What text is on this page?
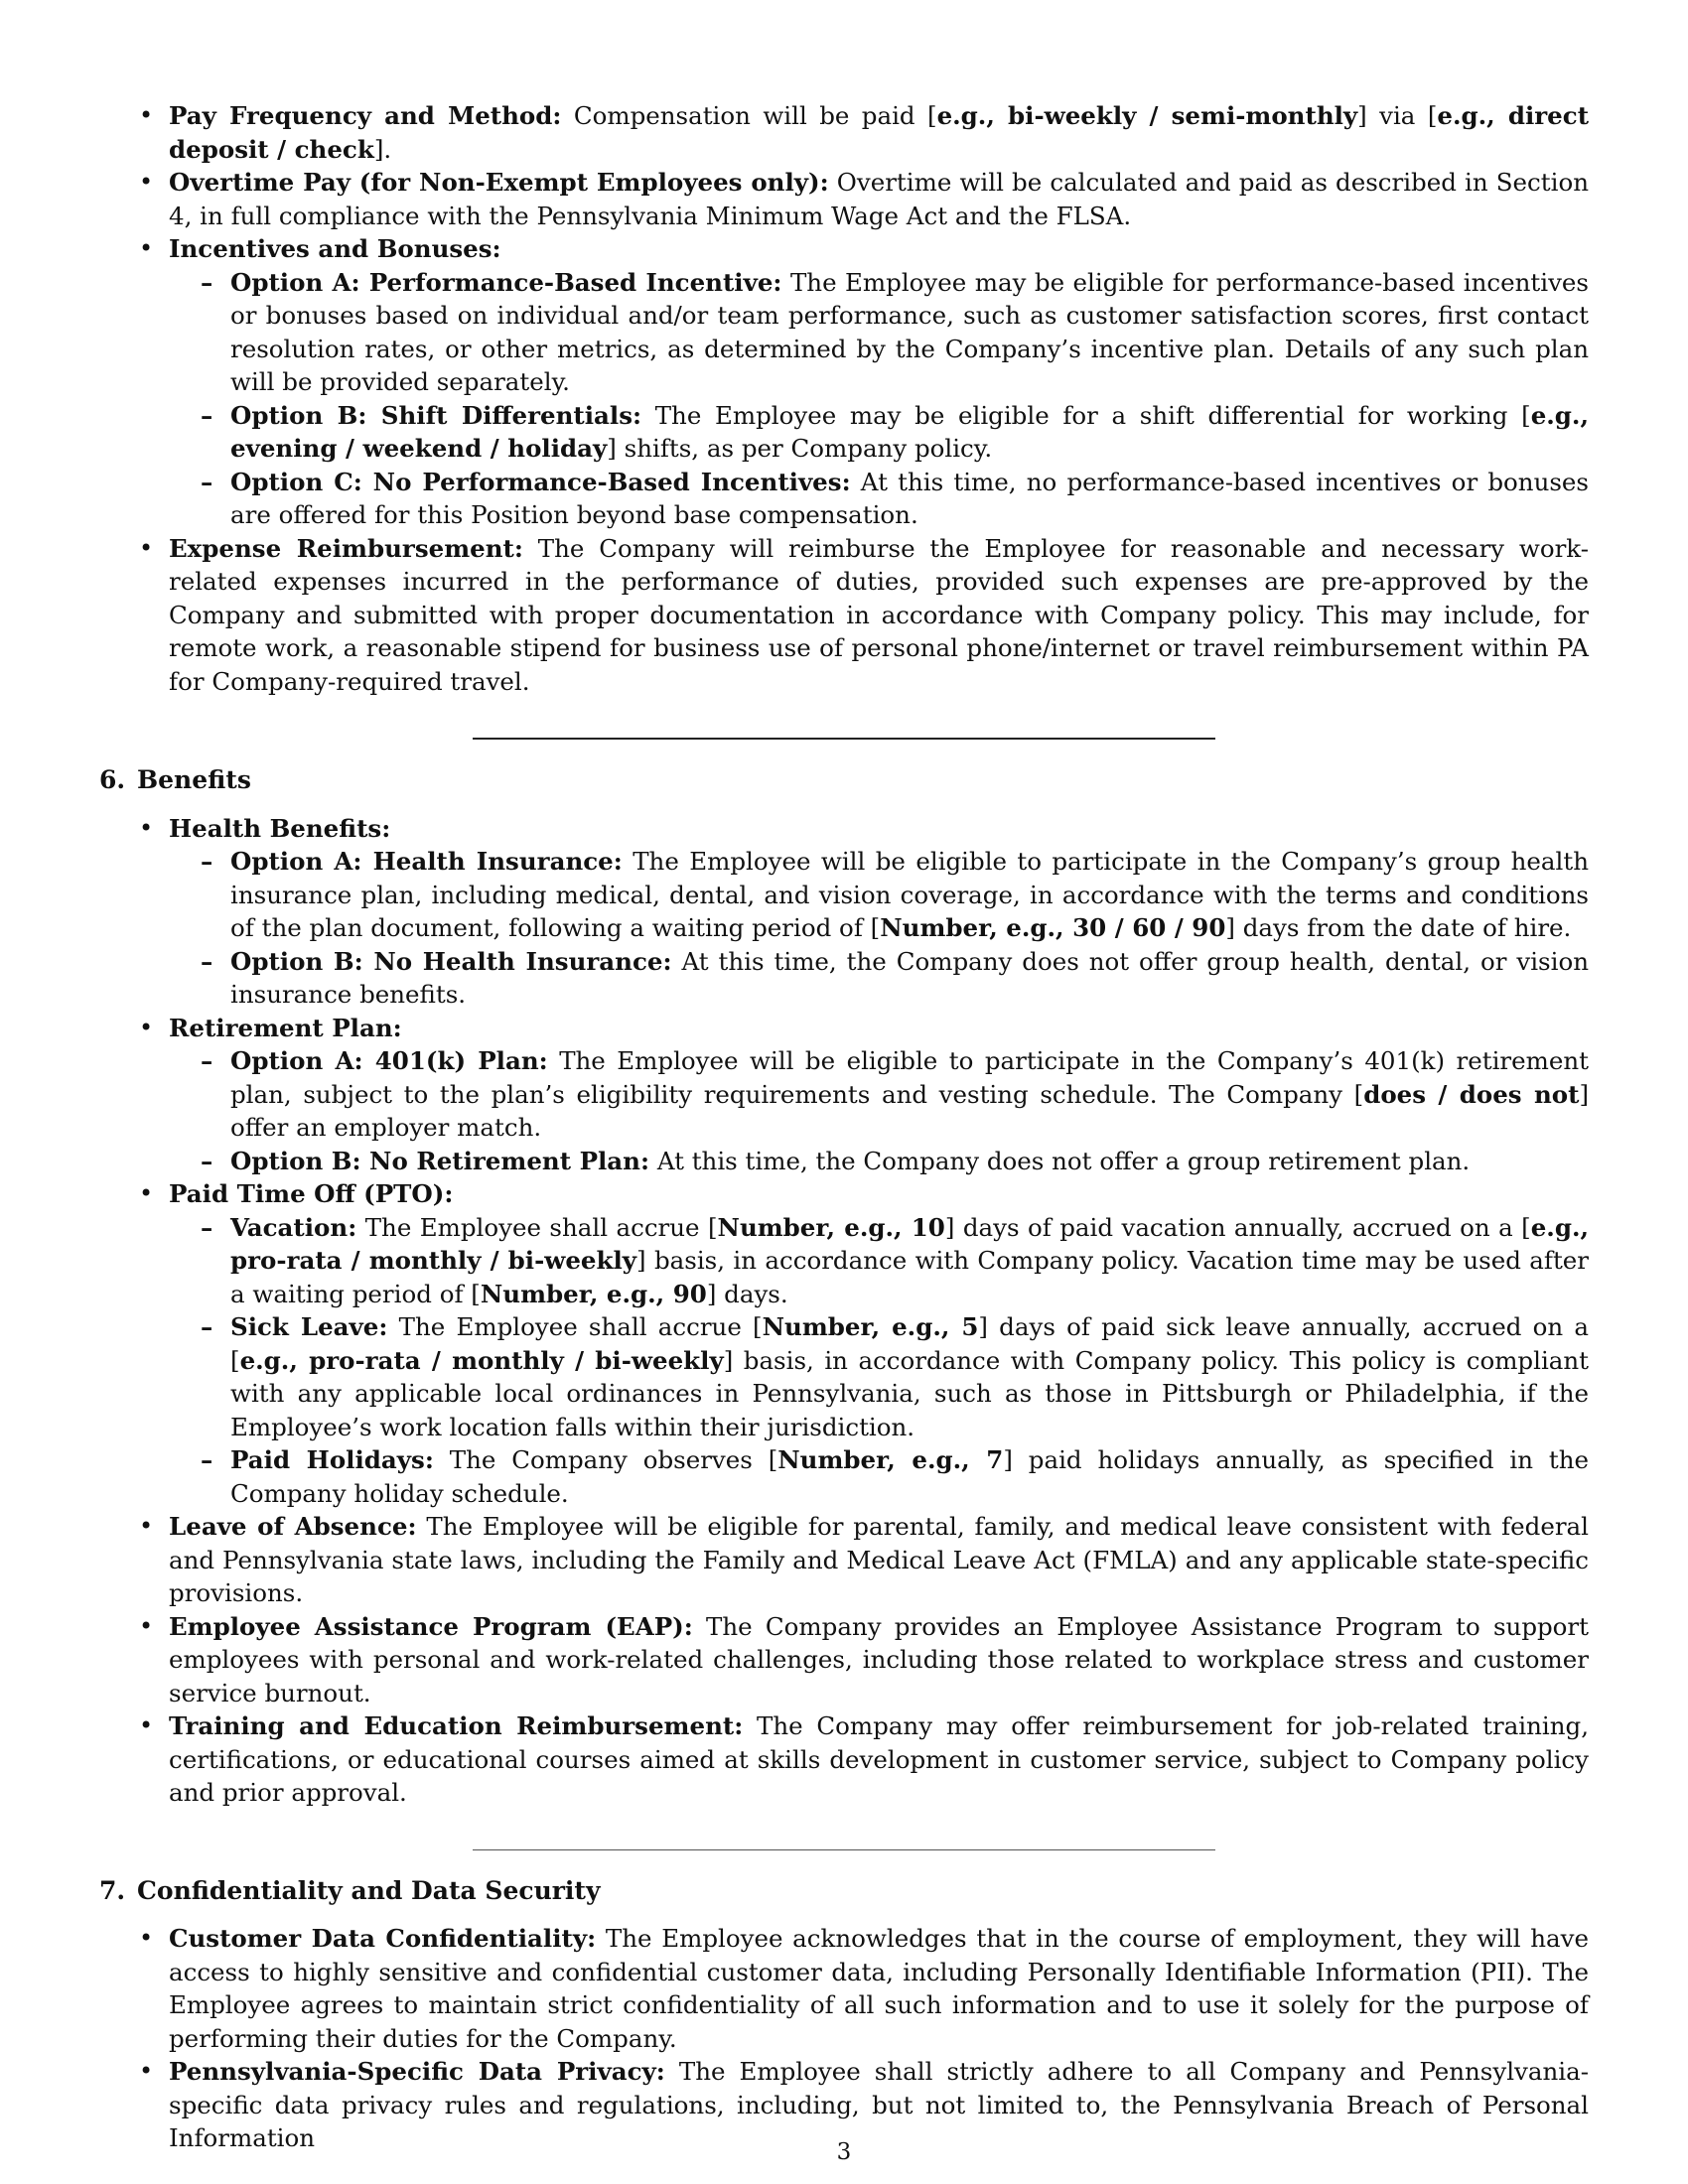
• Pay Frequency and Method: Compensation will be paid [e.g., bi-weekly / semi-monthly] via [e.g., direct deposit / check].
• Overtime Pay (for Non-Exempt Employees only): Overtime will be calculated and paid as described in Section 4, in full compliance with the Pennsylvania Minimum Wage Act and the FLSA.
• Incentives and Bonuses:
– Option A: Performance-Based Incentive: The Employee may be eligible for performance-based incentives or bonuses based on individual and/or team performance, such as customer satisfaction scores, first contact resolution rates, or other metrics, as determined by the Company’s incentive plan. Details of any such plan will be provided separately.
– Option B: Shift Differentials: The Employee may be eligible for a shift differential for working [e.g., evening / weekend / holiday] shifts, as per Company policy.
– Option C: No Performance-Based Incentives: At this time, no performance-based incentives or bonuses are offered for this Position beyond base compensation.
• Expense Reimbursement: The Company will reimburse the Employee for reasonable and necessary work-related expenses incurred in the performance of duties, provided such expenses are pre-approved by the Company and submitted with proper documentation in accordance with Company policy. This may include, for remote work, a reasonable stipend for business use of personal phone/internet or travel reimbursement within PA for Company-required travel.
6. Benefits
• Health Benefits:
– Option A: Health Insurance: The Employee will be eligible to participate in the Company’s group health insurance plan, including medical, dental, and vision coverage, in accordance with the terms and conditions of the plan document, following a waiting period of [Number, e.g., 30 / 60 / 90] days from the date of hire.
– Option B: No Health Insurance: At this time, the Company does not offer group health, dental, or vision insurance benefits.
• Retirement Plan:
– Option A: 401(k) Plan: The Employee will be eligible to participate in the Company’s 401(k) retirement plan, subject to the plan’s eligibility requirements and vesting schedule. The Company [does / does not] offer an employer match.
– Option B: No Retirement Plan: At this time, the Company does not offer a group retirement plan.
• Paid Time Off (PTO):
– Vacation: The Employee shall accrue [Number, e.g., 10] days of paid vacation annually, accrued on a [e.g., pro-rata / monthly / bi-weekly] basis, in accordance with Company policy. Vacation time may be used after a waiting period of [Number, e.g., 90] days.
– Sick Leave: The Employee shall accrue [Number, e.g., 5] days of paid sick leave annually, accrued on a [e.g., pro-rata / monthly / bi-weekly] basis, in accordance with Company policy. This policy is compliant with any applicable local ordinances in Pennsylvania, such as those in Pittsburgh or Philadelphia, if the Employee’s work location falls within their jurisdiction.
– Paid Holidays: The Company observes [Number, e.g., 7] paid holidays annually, as specified in the Company holiday schedule.
• Leave of Absence: The Employee will be eligible for parental, family, and medical leave consistent with federal and Pennsylvania state laws, including the Family and Medical Leave Act (FMLA) and any applicable state-specific provisions.
• Employee Assistance Program (EAP): The Company provides an Employee Assistance Program to support employees with personal and work-related challenges, including those related to workplace stress and customer service burnout.
• Training and Education Reimbursement: The Company may offer reimbursement for job-related training, certifications, or educational courses aimed at skills development in customer service, subject to Company policy and prior approval.
7. Confidentiality and Data Security
• Customer Data Confidentiality: The Employee acknowledges that in the course of employment, they will have access to highly sensitive and confidential customer data, including Personally Identifiable Information (PII). The Employee agrees to maintain strict confidentiality of all such information and to use it solely for the purpose of performing their duties for the Company.
• Pennsylvania-Specific Data Privacy: The Employee shall strictly adhere to all Company and Pennsylvania-specific data privacy rules and regulations, including, but not limited to, the Pennsylvania Breach of Personal Information	3
